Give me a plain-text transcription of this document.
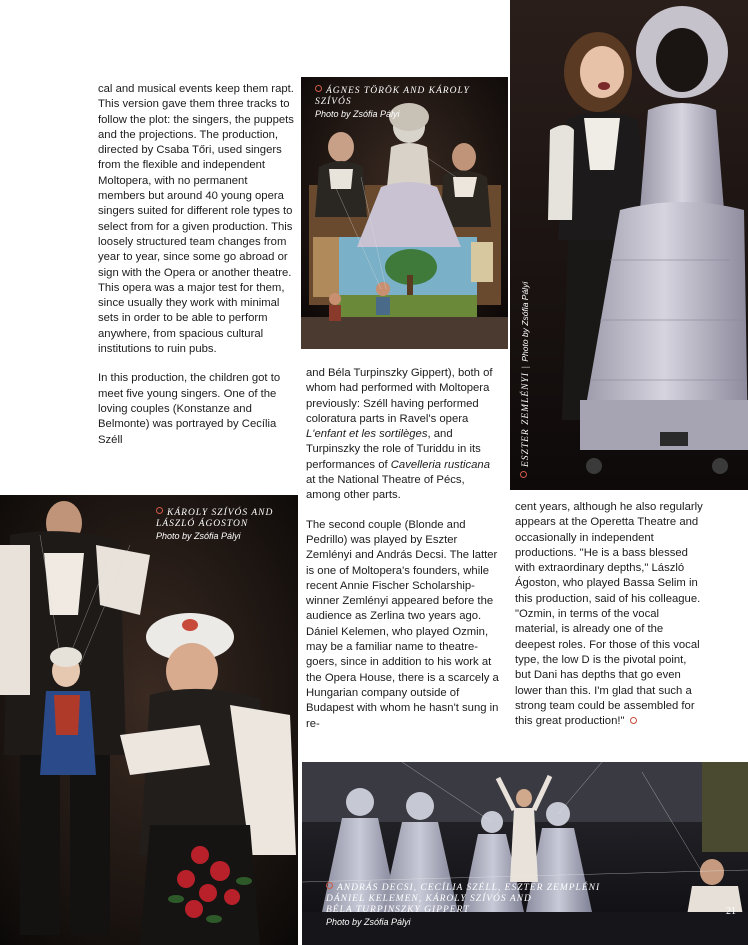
cal and musical events keep them rapt. This version gave them three tracks to follow the plot: the singers, the puppets and the projections. The production, directed by Csaba Tőri, used singers from the flexible and independent Moltopera, with no permanent members but around 40 young opera singers suited for different role types to select from for a given production. This loosely structured team changes from year to year, since some go abroad or sign with the Opera or another theatre. This opera was a major test for them, since usually they work with minimal sets in order to be able to perform anywhere, from spacious cultural institutions to ruin pubs.

In this production, the children got to meet five young singers. One of the loving couples (Konstanze and Belmonte) was portrayed by Cecília Széll

and Béla Turpinszky Gippert), both of whom had performed with Moltopera previously: Széll having performed coloratura parts in Ravel's opera L'enfant et les sortilèges, and Turpinszky the role of Turiddu in its performances of Cavelleria rusticana at the National Theatre of Pécs, among other parts.

The second couple (Blonde and Pedrillo) was played by Eszter Zemlényi and András Decsi. The latter is one of Moltopera's founders, while recent Annie Fischer Scholarship-winner Zemlényi appeared before the audience as Zerlina two years ago. Dániel Kelemen, who played Ozmin, may be a familiar name to theatre-goers, since in addition to his work at the Opera House, there is a scarcely a Hungarian company outside of Budapest with whom he hasn't sung in re-

cent years, although he also regularly appears at the Operetta Theatre and occasionally in independent productions. "He is a bass blessed with extraordinary depths," László Ágoston, who played Bassa Selim in this production, said of his colleague. "Ozmin, in terms of the vocal material, is already one of the deepest roles. For those of this vocal type, the low D is the pivotal point, but Dani has depths that go even lower than this. I'm glad that such a strong team could be assembled for this great production!"

ÁGNES TÖRÖK AND KÁROLY SZÍVÓS
Photo by Zsófia Pályi
ESZTER ZEMLÉNYI | Photo by Zsófia Pályi
KÁROLY SZÍVÓS AND
LÁSZLÓ ÁGOSTON
Photo by Zsófia Pályi
ANDRÁS DECSI, CECÍLIA SZÉLL, ESZTER ZEMPLÉNI
DÁNIEL KELEMEN, KÁROLY SZÍVÓS AND
BÉLA TURPINSZKY GIPPERT
Photo by Zsófia Pályi
21
